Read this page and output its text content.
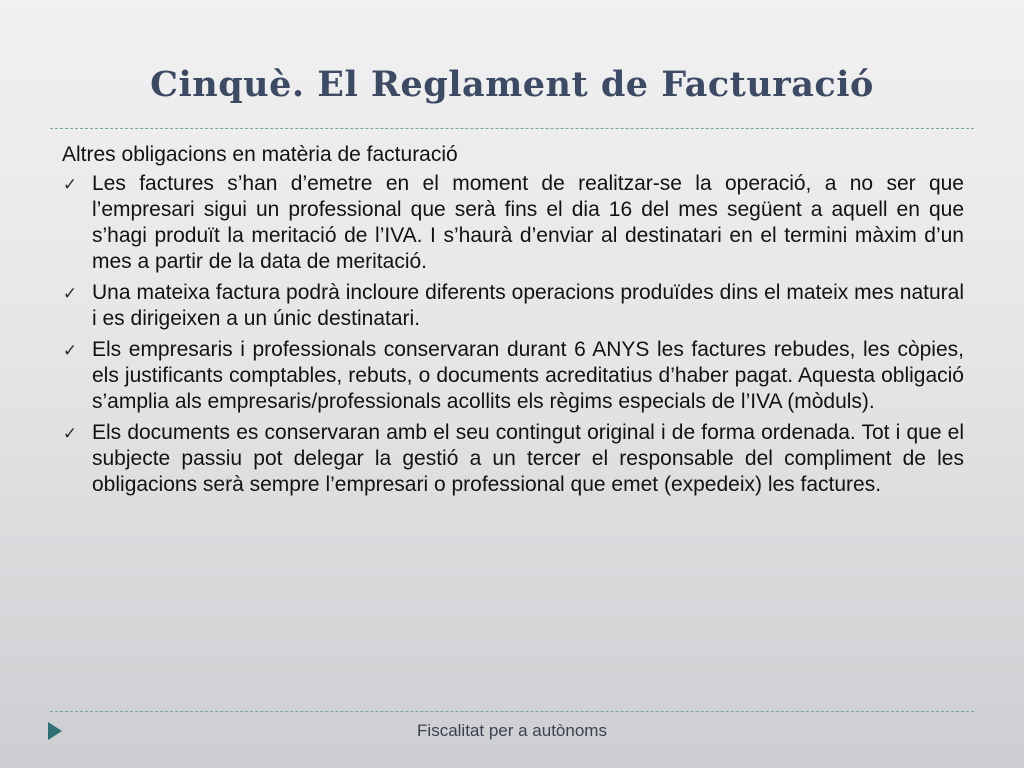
Cinquè. El Reglament de Facturació

Altres obligacions en matèria de facturació

✓ Les factures s’han d’emetre en el moment de realitzar-se la operació, a no ser que l’empresari sigui un professional que serà fins el dia 16 del mes següent a aquell en que s’hagi produït la meritació de l’IVA. I s’haurà d’enviar al destinatari en el termini màxim d’un mes a partir de la data de meritació.
✓ Una mateixa factura podrà incloure diferents operacions produïdes dins el mateix mes natural i es dirigeixen a un únic destinatari.
✓ Els empresaris i professionals conservaran durant 6 ANYS les factures rebudes, les còpies, els justificants comptables, rebuts, o documents acreditatius d’haber pagat. Aquesta obligació s’amplia als empresaris/professionals acollits els règims especials de l’IVA (mòduls).
✓ Els documents es conservaran amb el seu contingut original i de forma ordenada. Tot i que el subjecte passiu pot delegar la gestió a un tercer el responsable del compliment de les obligacions serà sempre l’empresari o professional que emet (expedeix) les factures.
Fiscalitat per a autònoms
